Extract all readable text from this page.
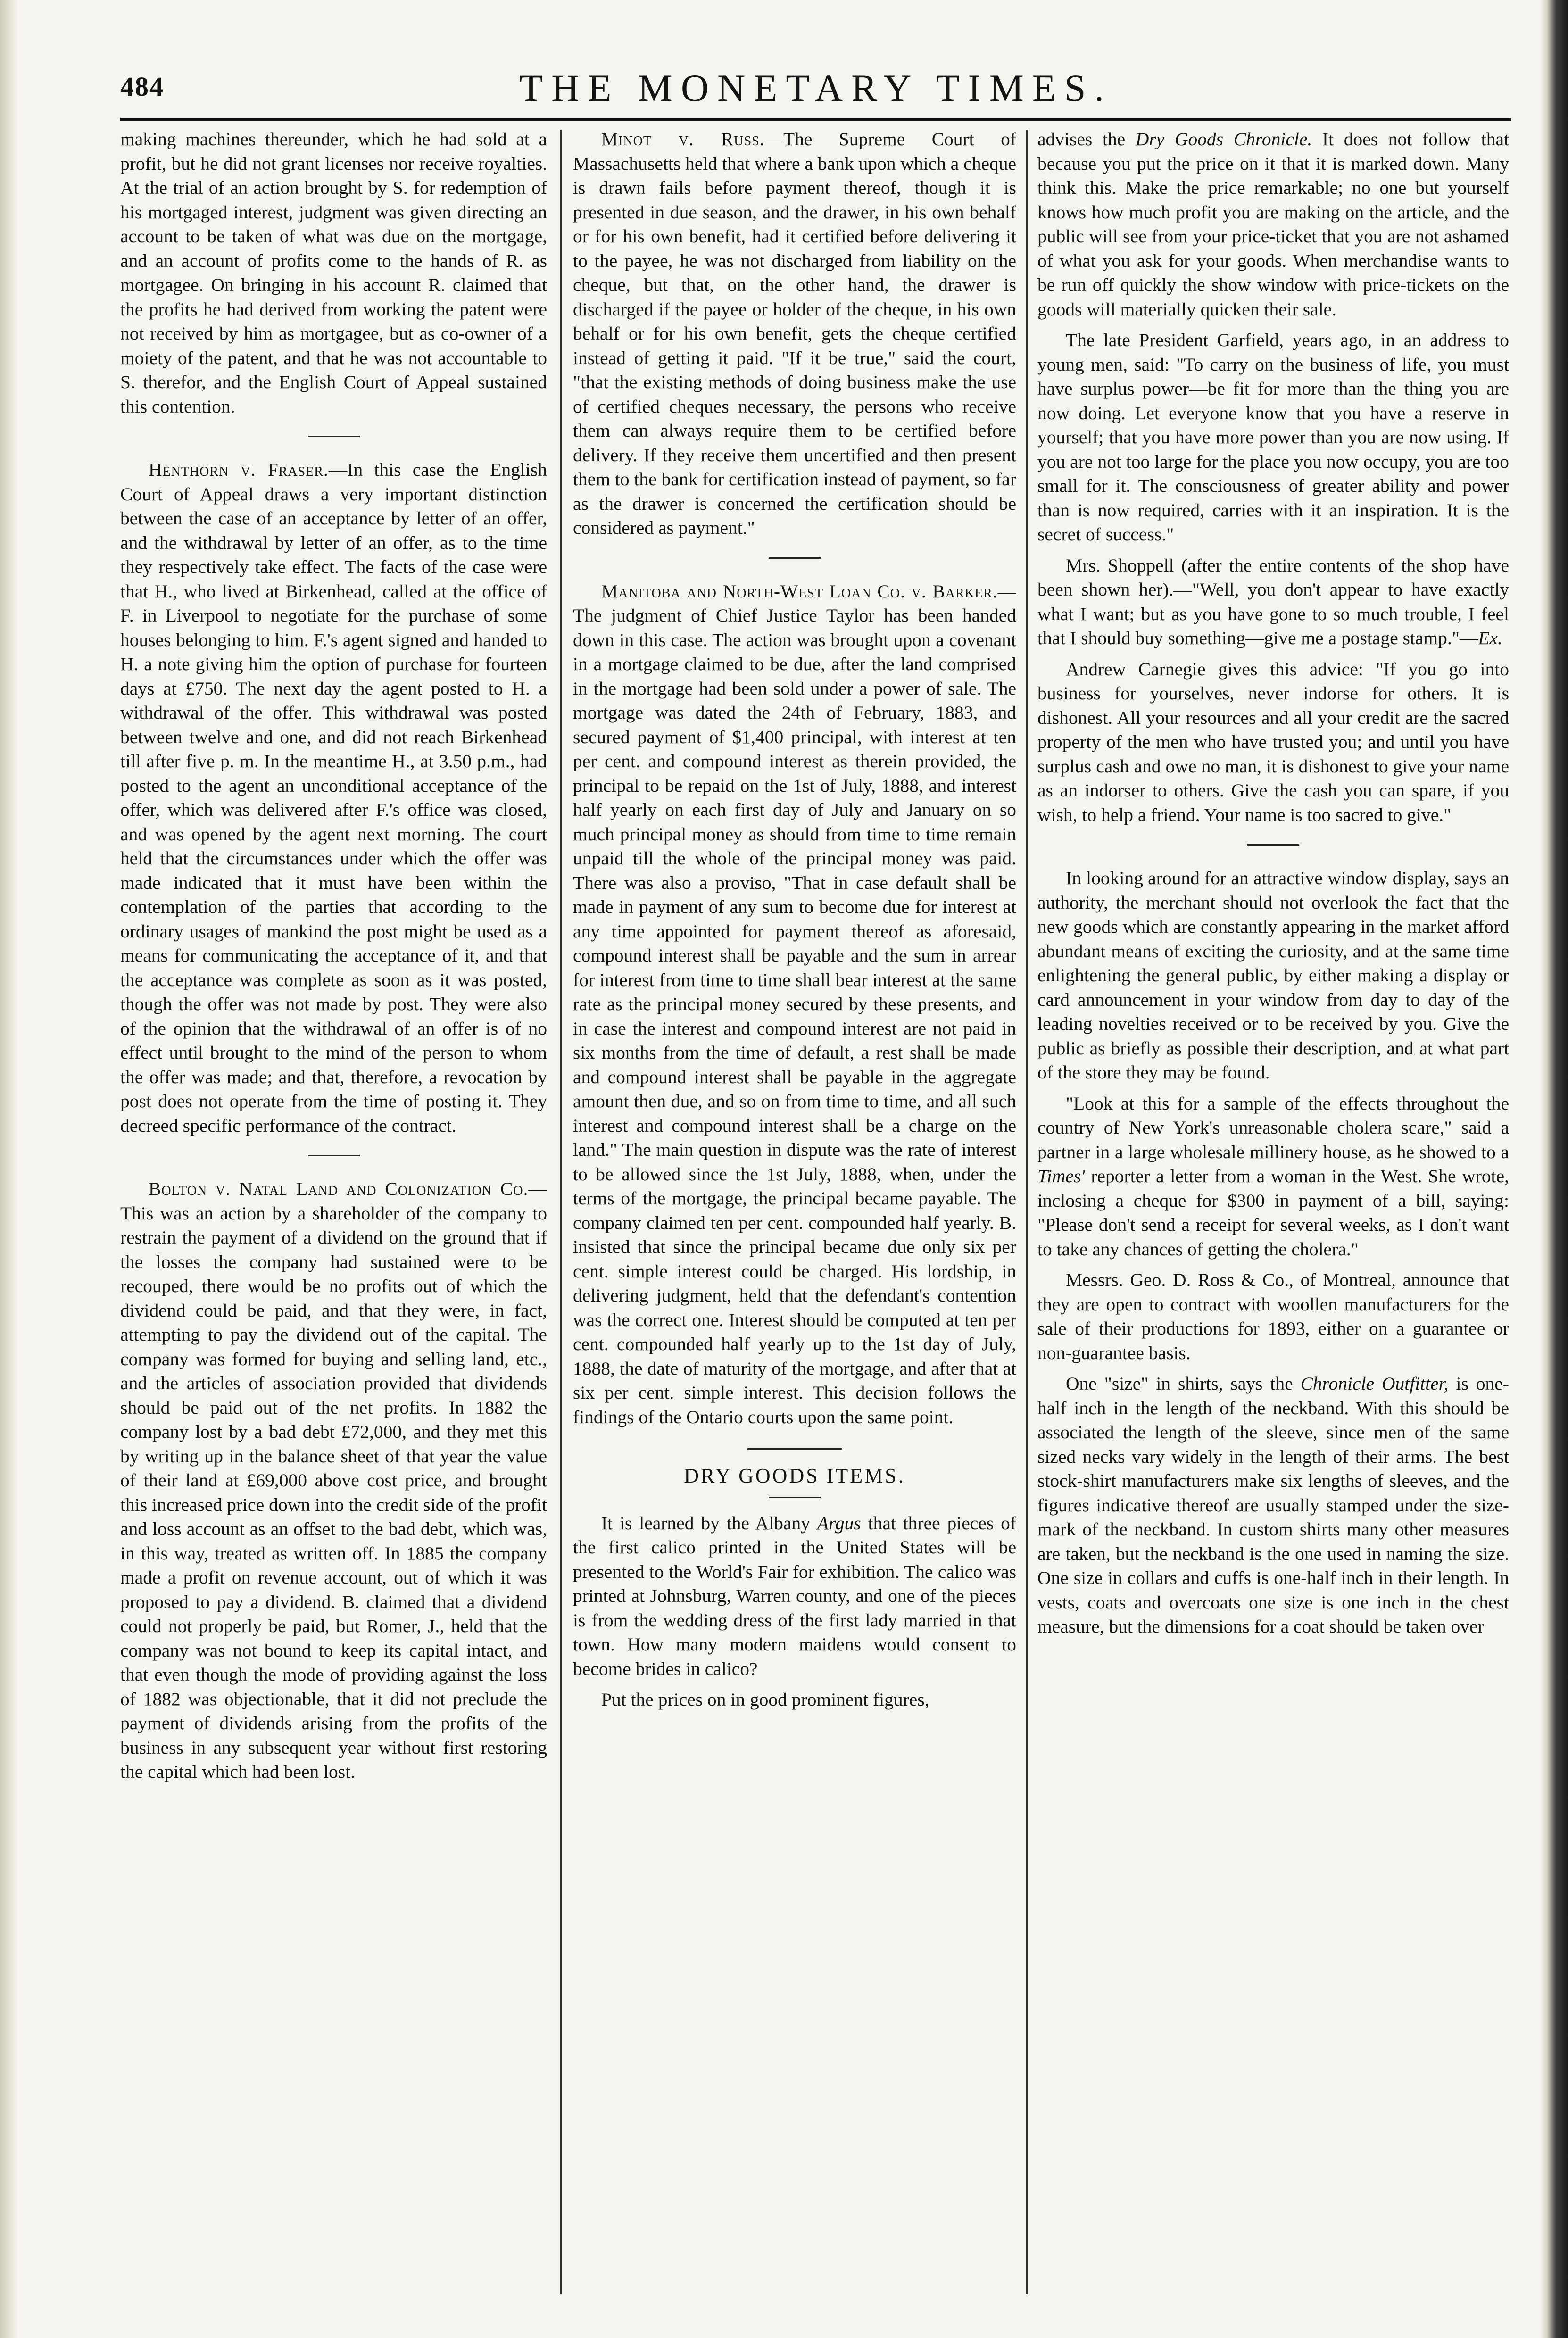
484	THE MONETARY TIMES.

making machines thereunder, which he had sold at a profit, but he did not grant licenses nor receive royalties. At the trial of an action brought by S. for redemption of his mortgaged interest, judgment was given directing an account to be taken of what was due on the mortgage, and an account of profits come to the hands of R. as mortgagee. On bringing in his account R. claimed that the profits he had derived from working the patent were not received by him as mortgagee, but as co-owner of a moiety of the patent, and that he was not accountable to S. therefor, and the English Court of Appeal sustained this contention.

Henthorn v. Fraser.—In this case the English Court of Appeal draws a very important distinction between the case of an acceptance by letter of an offer, and the withdrawal by letter of an offer, as to the time they respectively take effect. The facts of the case were that H., who lived at Birkenhead, called at the office of F. in Liverpool to negotiate for the purchase of some houses belonging to him. F.'s agent signed and handed to H. a note giving him the option of purchase for fourteen days at £750. The next day the agent posted to H. a withdrawal of the offer. This withdrawal was posted between twelve and one, and did not reach Birkenhead till after five p. m. In the meantime H., at 3.50 p.m., had posted to the agent an unconditional acceptance of the offer, which was delivered after F.'s office was closed, and was opened by the agent next morning. The court held that the circumstances under which the offer was made indicated that it must have been within the contemplation of the parties that according to the ordinary usages of mankind the post might be used as a means for communicating the acceptance of it, and that the acceptance was complete as soon as it was posted, though the offer was not made by post. They were also of the opinion that the withdrawal of an offer is of no effect until brought to the mind of the person to whom the offer was made; and that, therefore, a revocation by post does not operate from the time of posting it. They decreed specific performance of the contract.

Bolton v. Natal Land and Colonization Co.—This was an action by a shareholder of the company to restrain the payment of a dividend on the ground that if the losses the company had sustained were to be recouped, there would be no profits out of which the dividend could be paid, and that they were, in fact, attempting to pay the dividend out of the capital. The company was formed for buying and selling land, etc., and the articles of association provided that dividends should be paid out of the net profits. In 1882 the company lost by a bad debt £72,000, and they met this by writing up in the balance sheet of that year the value of their land at £69,000 above cost price, and brought this increased price down into the credit side of the profit and loss account as an offset to the bad debt, which was, in this way, treated as written off. In 1885 the company made a profit on revenue account, out of which it was proposed to pay a dividend. B. claimed that a dividend could not properly be paid, but Romer, J., held that the company was not bound to keep its capital intact, and that even though the mode of providing against the loss of 1882 was objectionable, that it did not preclude the payment of dividends arising from the profits of the business in any subsequent year without first restoring the capital which had been lost.

Minot v. Russ.—The Supreme Court of Massachusetts held that where a bank upon which a cheque is drawn fails before payment thereof, though it is presented in due season, and the drawer, in his own behalf or for his own benefit, had it certified before delivering it to the payee, he was not discharged from liability on the cheque, but that, on the other hand, the drawer is discharged if the payee or holder of the cheque, in his own behalf or for his own benefit, gets the cheque certified instead of getting it paid. "If it be true," said the court, "that the existing methods of doing business make the use of certified cheques necessary, the persons who receive them can always require them to be certified before delivery. If they receive them uncertified and then present them to the bank for certification instead of payment, so far as the drawer is concerned the certification should be considered as payment."

Manitoba and North-West Loan Co. v. Barker.—The judgment of Chief Justice Taylor has been handed down in this case. The action was brought upon a covenant in a mortgage claimed to be due, after the land comprised in the mortgage had been sold under a power of sale. The mortgage was dated the 24th of February, 1883, and secured payment of $1,400 principal, with interest at ten per cent. and compound interest as therein provided, the principal to be repaid on the 1st of July, 1888, and interest half yearly on each first day of July and January on so much principal money as should from time to time remain unpaid till the whole of the principal money was paid. There was also a proviso, "That in case default shall be made in payment of any sum to become due for interest at any time appointed for payment thereof as aforesaid, compound interest shall be payable and the sum in arrear for interest from time to time shall bear interest at the same rate as the principal money secured by these presents, and in case the interest and compound interest are not paid in six months from the time of default, a rest shall be made and compound interest shall be payable in the aggregate amount then due, and so on from time to time, and all such interest and compound interest shall be a charge on the land." The main question in dispute was the rate of interest to be allowed since the 1st July, 1888, when, under the terms of the mortgage, the principal became payable. The company claimed ten per cent. compounded half yearly. B. insisted that since the principal became due only six per cent. simple interest could be charged. His lordship, in delivering judgment, held that the defendant's contention was the correct one. Interest should be computed at ten per cent. compounded half yearly up to the 1st day of July, 1888, the date of maturity of the mortgage, and after that at six per cent. simple interest. This decision follows the findings of the Ontario courts upon the same point.

DRY GOODS ITEMS.

It is learned by the Albany Argus that three pieces of the first calico printed in the United States will be presented to the World's Fair for exhibition. The calico was printed at Johnsburg, Warren county, and one of the pieces is from the wedding dress of the first lady married in that town. How many modern maidens would consent to become brides in calico?

Put the prices on in good prominent figures,

advises the Dry Goods Chronicle. It does not follow that because you put the price on it that it is marked down. Many think this. Make the price remarkable; no one but yourself knows how much profit you are making on the article, and the public will see from your price-ticket that you are not ashamed of what you ask for your goods. When merchandise wants to be run off quickly the show window with price-tickets on the goods will materially quicken their sale.

The late President Garfield, years ago, in an address to young men, said: "To carry on the business of life, you must have surplus power—be fit for more than the thing you are now doing. Let everyone know that you have a reserve in yourself; that you have more power than you are now using. If you are not too large for the place you now occupy, you are too small for it. The consciousness of greater ability and power than is now required, carries with it an inspiration. It is the secret of success."

Mrs. Shoppell (after the entire contents of the shop have been shown her).—"Well, you don't appear to have exactly what I want; but as you have gone to so much trouble, I feel that I should buy something—give me a postage stamp."—Ex.

Andrew Carnegie gives this advice: "If you go into business for yourselves, never indorse for others. It is dishonest. All your resources and all your credit are the sacred property of the men who have trusted you; and until you have surplus cash and owe no man, it is dishonest to give your name as an indorser to others. Give the cash you can spare, if you wish, to help a friend. Your name is too sacred to give."

In looking around for an attractive window display, says an authority, the merchant should not overlook the fact that the new goods which are constantly appearing in the market afford abundant means of exciting the curiosity, and at the same time enlightening the general public, by either making a display or card announcement in your window from day to day of the leading novelties received or to be received by you. Give the public as briefly as possible their description, and at what part of the store they may be found.

"Look at this for a sample of the effects throughout the country of New York's unreasonable cholera scare," said a partner in a large wholesale millinery house, as he showed to a Times' reporter a letter from a woman in the West. She wrote, inclosing a cheque for $300 in payment of a bill, saying: "Please don't send a receipt for several weeks, as I don't want to take any chances of getting the cholera."

Messrs. Geo. D. Ross & Co., of Montreal, announce that they are open to contract with woollen manufacturers for the sale of their productions for 1893, either on a guarantee or non-guarantee basis.

One "size" in shirts, says the Chronicle Outfitter, is one-half inch in the length of the neckband. With this should be associated the length of the sleeve, since men of the same sized necks vary widely in the length of their arms. The best stock-shirt manufacturers make six lengths of sleeves, and the figures indicative thereof are usually stamped under the size-mark of the neckband. In custom shirts many other measures are taken, but the neckband is the one used in naming the size. One size in collars and cuffs is one-half inch in their length. In vests, coats and overcoats one size is one inch in the chest measure, but the dimensions for a coat should be taken over
